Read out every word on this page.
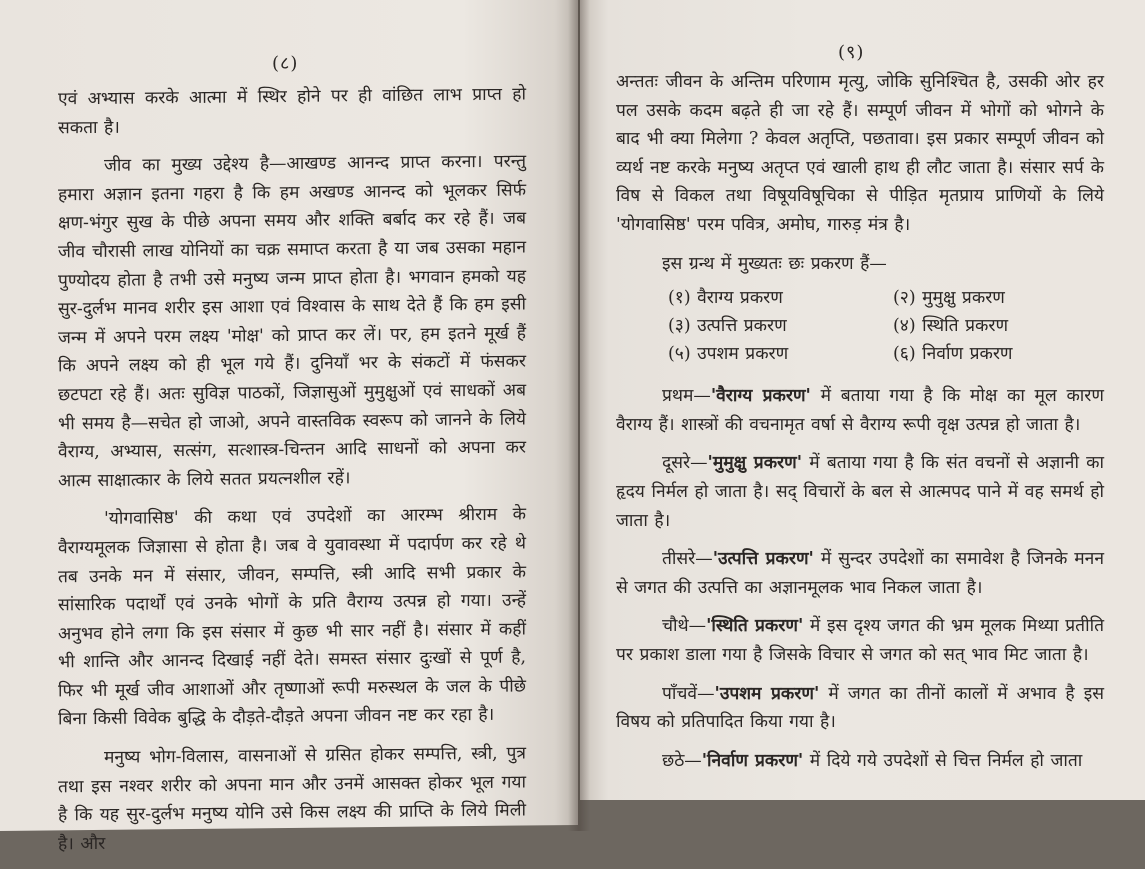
(८)

एवं अभ्यास करके आत्मा में स्थिर होने पर ही वांछित लाभ प्राप्त हो सकता है।

जीव का मुख्य उद्देश्य है—आखण्ड आनन्द प्राप्त करना। परन्तु हमारा अज्ञान इतना गहरा है कि हम अखण्ड आनन्द को भूलकर सिर्फ क्षण-भंगुर सुख के पीछे अपना समय और शक्ति बर्बाद कर रहे हैं। जब जीव चौरासी लाख योनियों का चक्र समाप्त करता है या जब उसका महान पुण्योदय होता है तभी उसे मनुष्य जन्म प्राप्त होता है। भगवान हमको यह सुर-दुर्लभ मानव शरीर इस आशा एवं विश्वास के साथ देते हैं कि हम इसी जन्म में अपने परम लक्ष्य 'मोक्ष' को प्राप्त कर लें। पर, हम इतने मूर्ख हैं कि अपने लक्ष्य को ही भूल गये हैं। दुनियाँ भर के संकटों में फंसकर छटपटा रहे हैं। अतः सुविज्ञ पाठकों, जिज्ञासुओं मुमुक्षुओं एवं साधकों अब भी समय है—सचेत हो जाओ, अपने वास्तविक स्वरूप को जानने के लिये वैराग्य, अभ्यास, सत्संग, सत्शास्त्र-चिन्तन आदि साधनों को अपना कर आत्म साक्षात्कार के लिये सतत प्रयत्नशील रहें।

'योगवासिष्ठ' की कथा एवं उपदेशों का आरम्भ श्रीराम के वैराग्यमूलक जिज्ञासा से होता है। जब वे युवावस्था में पदार्पण कर रहे थे तब उनके मन में संसार, जीवन, सम्पत्ति, स्त्री आदि सभी प्रकार के सांसारिक पदार्थों एवं उनके भोगों के प्रति वैराग्य उत्पन्न हो गया। उन्हें अनुभव होने लगा कि इस संसार में कुछ भी सार नहीं है। संसार में कहीं भी शान्ति और आनन्द दिखाई नहीं देते। समस्त संसार दुःखों से पूर्ण है, फिर भी मूर्ख जीव आशाओं और तृष्णाओं रूपी मरुस्थल के जल के पीछे बिना किसी विवेक बुद्धि के दौड़ते-दौड़ते अपना जीवन नष्ट कर रहा है।

मनुष्य भोग-विलास, वासनाओं से ग्रसित होकर सम्पत्ति, स्त्री, पुत्र तथा इस नश्वर शरीर को अपना मान और उनमें आसक्त होकर भूल गया है कि यह सुर-दुर्लभ मनुष्य योनि उसे किस लक्ष्य की प्राप्ति के लिये मिली है। और

(९)

अन्ततः जीवन के अन्तिम परिणाम मृत्यु, जोकि सुनिश्चित है, उसकी ओर हर पल उसके कदम बढ़ते ही जा रहे हैं। सम्पूर्ण जीवन में भोगों को भोगने के बाद भी क्या मिलेगा ? केवल अतृप्ति, पछतावा। इस प्रकार सम्पूर्ण जीवन को व्यर्थ नष्ट करके मनुष्य अतृप्त एवं खाली हाथ ही लौट जाता है। संसार सर्प के विष से विकल तथा विषूयविषूचिका से पीड़ित मृतप्राय प्राणियों के लिये 'योगवासिष्ठ' परम पवित्र, अमोघ, गारुड़ मंत्र है।

इस ग्रन्थ में मुख्यतः छः प्रकरण हैं—

(१) वैराग्य प्रकरण	(२) मुमुक्षु प्रकरण
(३) उत्पत्ति प्रकरण	(४) स्थिति प्रकरण
(५) उपशम प्रकरण	(६) निर्वाण प्रकरण

प्रथम—'वैराग्य प्रकरण' में बताया गया है कि मोक्ष का मूल कारण वैराग्य हैं। शास्त्रों की वचनामृत वर्षा से वैराग्य रूपी वृक्ष उत्पन्न हो जाता है।

दूसरे—'मुमुक्षु प्रकरण' में बताया गया है कि संत वचनों से अज्ञानी का हृदय निर्मल हो जाता है। सद् विचारों के बल से आत्मपद पाने में वह समर्थ हो जाता है।

तीसरे—'उत्पत्ति प्रकरण' में सुन्दर उपदेशों का समावेश है जिनके मनन से जगत की उत्पत्ति का अज्ञानमूलक भाव निकल जाता है।

चौथे—'स्थिति प्रकरण' में इस दृश्य जगत की भ्रम मूलक मिथ्या प्रतीति पर प्रकाश डाला गया है जिसके विचार से जगत को सत् भाव मिट जाता है।

पाँचवें—'उपशम प्रकरण' में जगत का तीनों कालों में अभाव है इस विषय को प्रतिपादित किया गया है।

छठे—'निर्वाण प्रकरण' में दिये गये उपदेशों से चित्त निर्मल हो जाता
